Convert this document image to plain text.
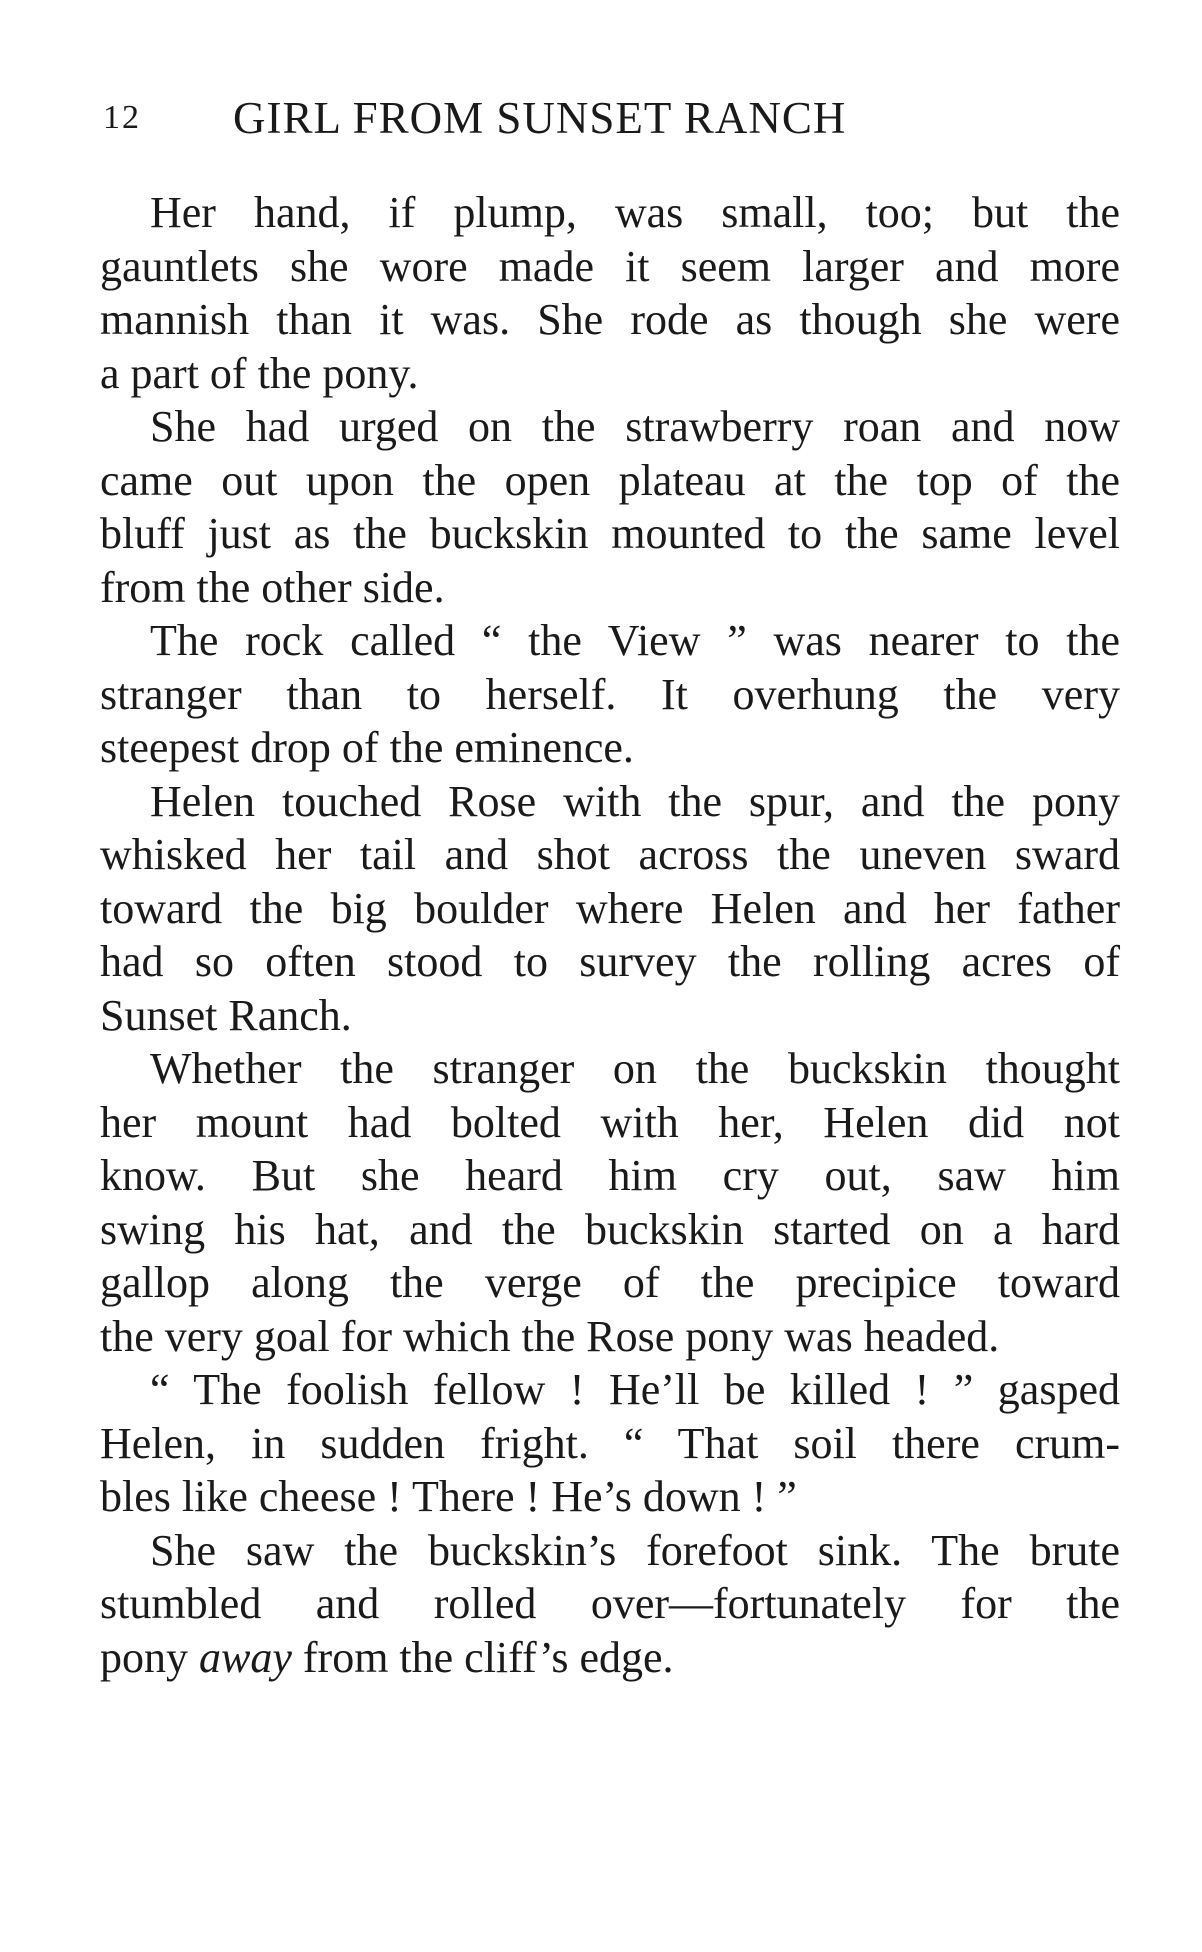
12 GIRL FROM SUNSET RANCH
Her hand, if plump, was small, too; but the
gauntlets she wore made it seem larger and more
mannish than it was. She rode as though she were
a part of the pony.
She had urged on the strawberry roan and now
came out upon the open plateau at the top of the
bluff just as the buckskin mounted to the same level
from the other side.
The rock called “ the View ” was nearer to the
stranger than to herself. It overhung the very
steepest drop of the eminence.
Helen touched Rose with the spur, and the pony
whisked her tail and shot across the uneven sward
toward the big boulder where Helen and her father
had so often stood to survey the rolling acres of
Sunset Ranch.
Whether the stranger on the buckskin thought
her mount had bolted with her, Helen did not
know. But she heard him cry out, saw him
swing his hat, and the buckskin started on a hard
gallop along the verge of the precipice toward
the very goal for which the Rose pony was headed.
“ The foolish fellow ! He’ll be killed ! ” gasped
Helen, in sudden fright. “ That soil there crum-
bles like cheese ! There ! He’s down ! ”
She saw the buckskin’s forefoot sink. The brute
stumbled and rolled over—fortunately for the
pony away from the cliff’s edge.
